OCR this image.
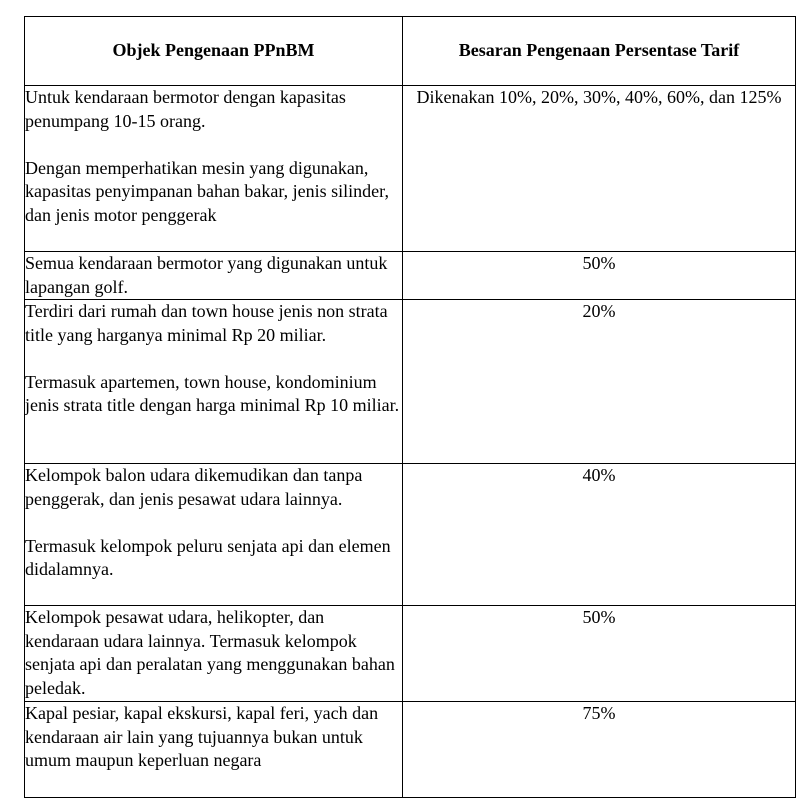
Objek Pengenaan PPnBM	Besaran Pengenaan Persentase Tarif

Untuk kendaraan bermotor dengan kapasitas penumpang 10-15 orang.

Dengan memperhatikan mesin yang digunakan, kapasitas penyimpanan bahan bakar, jenis silinder, dan jenis motor penggerak	Dikenakan 10%, 20%, 30%, 40%, 60%, dan 125%

Semua kendaraan bermotor yang digunakan untuk lapangan golf.	50%

Terdiri dari rumah dan town house jenis non strata title yang harganya minimal Rp 20 miliar.

Termasuk apartemen, town house, kondominium jenis strata title dengan harga minimal Rp 10 miliar.	20%

Kelompok balon udara dikemudikan dan tanpa penggerak, dan jenis pesawat udara lainnya.

Termasuk kelompok peluru senjata api dan elemen didalamnya.	40%

Kelompok pesawat udara, helikopter, dan kendaraan udara lainnya. Termasuk kelompok senjata api dan peralatan yang menggunakan bahan peledak.	50%

Kapal pesiar, kapal ekskursi, kapal feri, yach dan kendaraan air lain yang tujuannya bukan untuk umum maupun keperluan negara	75%
